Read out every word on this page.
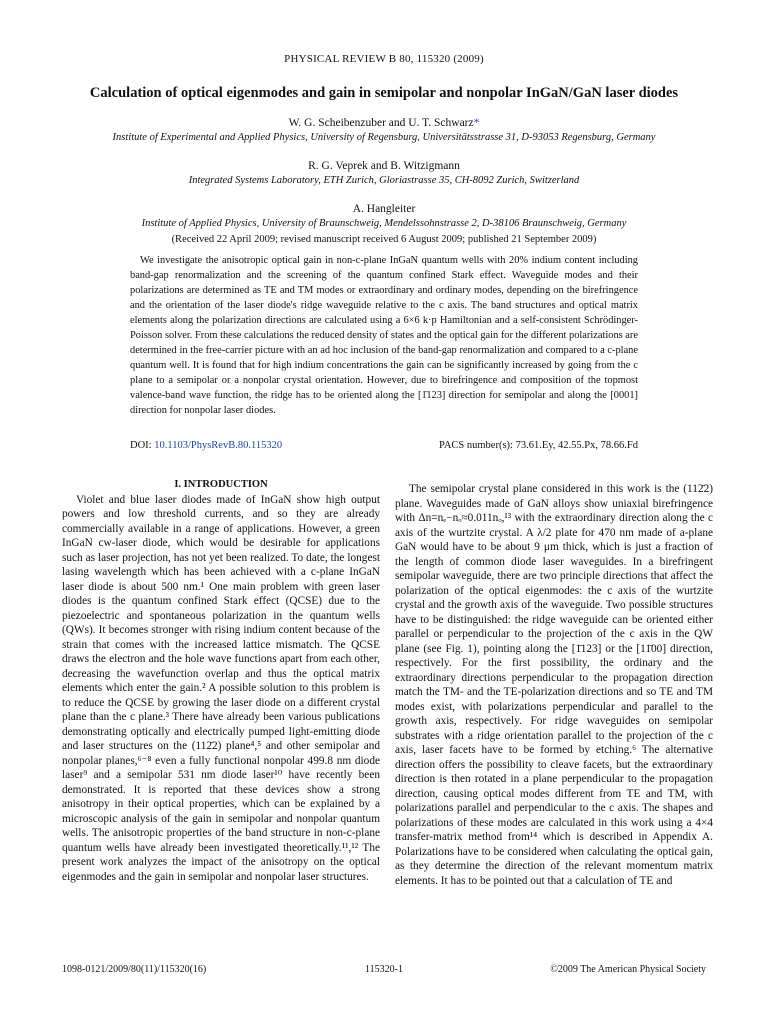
PHYSICAL REVIEW B 80, 115320 (2009)
Calculation of optical eigenmodes and gain in semipolar and nonpolar InGaN/GaN laser diodes
W. G. Scheibenzuber and U. T. Schwarz*
Institute of Experimental and Applied Physics, University of Regensburg, Universitätsstrasse 31, D-93053 Regensburg, Germany
R. G. Veprek and B. Witzigmann
Integrated Systems Laboratory, ETH Zurich, Gloriastrasse 35, CH-8092 Zurich, Switzerland
A. Hangleiter
Institute of Applied Physics, University of Braunschweig, Mendelssohnstrasse 2, D-38106 Braunschweig, Germany
(Received 22 April 2009; revised manuscript received 6 August 2009; published 21 September 2009)

We investigate the anisotropic optical gain in non-c-plane InGaN quantum wells with 20% indium content including band-gap renormalization and the screening of the quantum confined Stark effect. Waveguide modes and their polarizations are determined as TE and TM modes or extraordinary and ordinary modes, depending on the birefringence and the orientation of the laser diode's ridge waveguide relative to the c axis. The band structures and optical matrix elements along the polarization directions are calculated using a 6×6 k·p Hamiltonian and a self-consistent Schrödinger-Poisson solver. From these calculations the reduced density of states and the optical gain for the different polarizations are determined in the free-carrier picture with an ad hoc inclusion of the band-gap renormalization and compared to a c-plane quantum well. It is found that for high indium concentrations the gain can be significantly increased by going from the c plane to a semipolar or a nonpolar crystal orientation. However, due to birefringence and composition of the topmost valence-band wave function, the ridge has to be oriented along the [1̄123] direction for semipolar and along the [0001] direction for nonpolar laser diodes.

DOI: 10.1103/PhysRevB.80.115320	PACS number(s): 73.61.Ey, 42.55.Px, 78.66.Fd

I. INTRODUCTION

Violet and blue laser diodes made of InGaN show high output powers and low threshold currents, and so they are already commercially available in a range of applications. However, a green InGaN cw-laser diode, which would be desirable for applications such as laser projection, has not yet been realized. To date, the longest lasing wavelength which has been achieved with a c-plane InGaN laser diode is about 500 nm.¹ One main problem with green laser diodes is the quantum confined Stark effect (QCSE) due to the piezoelectric and spontaneous polarization in the quantum wells (QWs). It becomes stronger with rising indium content because of the strain that comes with the increased lattice mismatch. The QCSE draws the electron and the hole wave functions apart from each other, decreasing the wavefunction overlap and thus the optical matrix elements which enter the gain.² A possible solution to this problem is to reduce the QCSE by growing the laser diode on a different crystal plane than the c plane.³ There have already been various publications demonstrating optically and electrically pumped light-emitting diode and laser structures on the (112̄2) plane⁴,⁵ and other semipolar and nonpolar planes,⁶⁻⁸ even a fully functional nonpolar 499.8 nm diode laser⁹ and a semipolar 531 nm diode laser¹⁰ have recently been demonstrated. It is reported that these devices show a strong anisotropy in their optical properties, which can be explained by a microscopic analysis of the gain in semipolar and nonpolar quantum wells. The anisotropic properties of the band structure in non-c-plane quantum wells have already been investigated theoretically.¹¹,¹² The present work analyzes the impact of the anisotropy on the optical eigenmodes and the gain in semipolar and nonpolar laser structures.

The semipolar crystal plane considered in this work is the (112̄2) plane. Waveguides made of GaN alloys show uniaxial birefringence with Δn=nₑ−nₒ≈0.011nₒ,¹³ with the extraordinary direction along the c axis of the wurtzite crystal. A λ/2 plate for 470 nm made of a-plane GaN would have to be about 9 μm thick, which is just a fraction of the length of common diode laser waveguides. In a birefringent semipolar waveguide, there are two principle directions that affect the polarization of the optical eigenmodes: the c axis of the wurtzite crystal and the growth axis of the waveguide. Two possible structures have to be distinguished: the ridge waveguide can be oriented either parallel or perpendicular to the projection of the c axis in the QW plane (see Fig. 1), pointing along the [1̄123] or the [11̄00] direction, respectively. For the first possibility, the ordinary and the extraordinary directions perpendicular to the propagation direction match the TM- and the TE-polarization directions and so TE and TM modes exist, with polarizations perpendicular and parallel to the growth axis, respectively. For ridge waveguides on semipolar substrates with a ridge orientation parallel to the projection of the c axis, laser facets have to be formed by etching.⁶ The alternative direction offers the possibility to cleave facets, but the extraordinary direction is then rotated in a plane perpendicular to the propagation direction, causing optical modes different from TE and TM, with polarizations parallel and perpendicular to the c axis. The shapes and polarizations of these modes are calculated in this work using a 4×4 transfer-matrix method from¹⁴ which is described in Appendix A. Polarizations have to be considered when calculating the optical gain, as they determine the direction of the relevant momentum matrix elements. It has to be pointed out that a calculation of TE and

1098-0121/2009/80(11)/115320(16)	115320-1	©2009 The American Physical Society
